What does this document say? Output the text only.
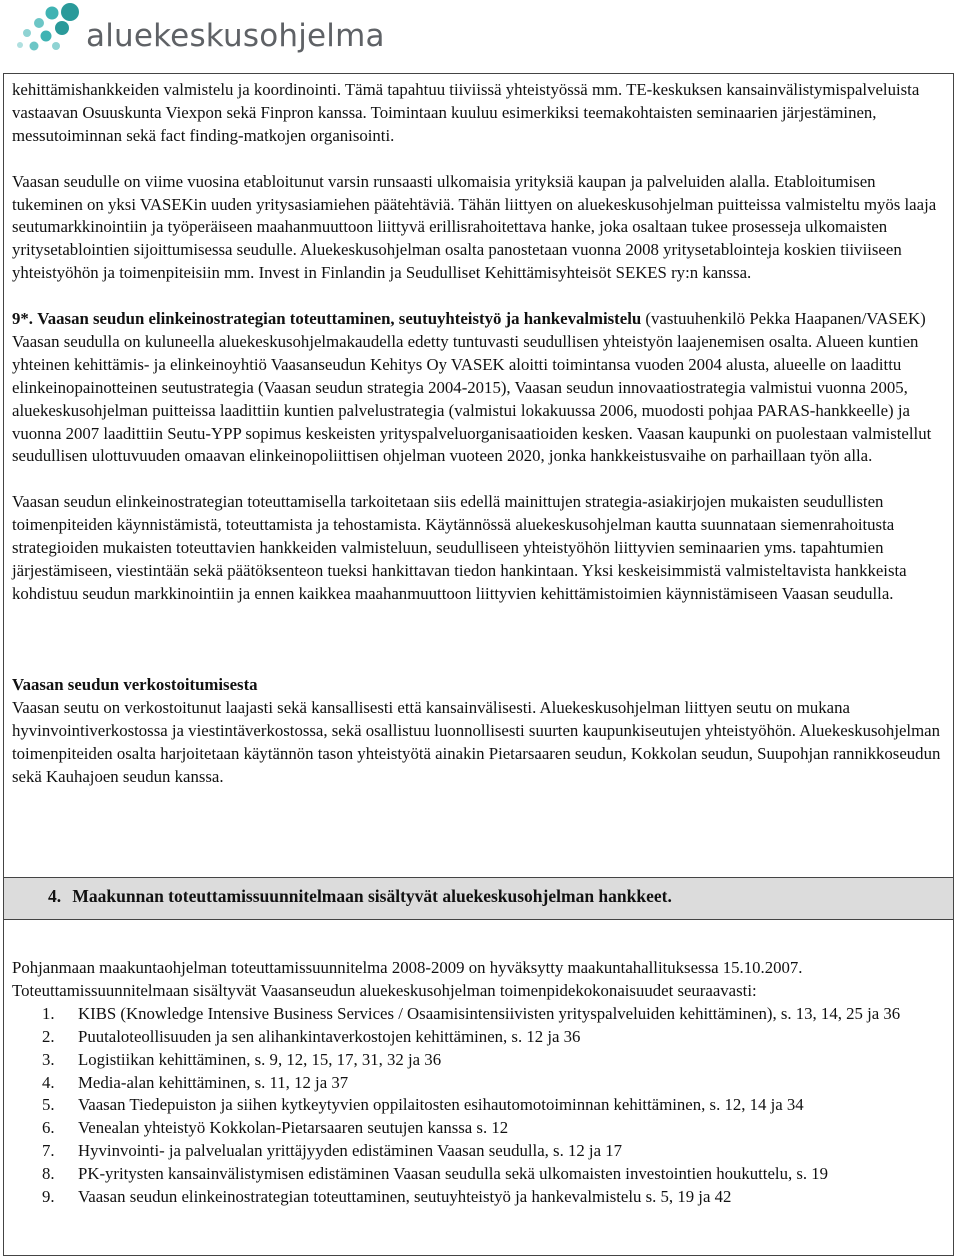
aluekeskusohjelma
4. Maakunnan toteuttamissuunnitelmaan sisältyvät aluekeskusohjelman hankkeet.

kehittämishankkeiden valmistelu ja koordinointi. Tämä tapahtuu tiiviissä yhteistyössä mm. TE-keskuksen kansainvälistymispalveluista vastaavan Osuuskunta Viexpon sekä Finpron kanssa. Toimintaan kuuluu esimerkiksi teemakohtaisten seminaarien järjestäminen, messutoiminnan sekä fact finding-matkojen organisointi.

Vaasan seudulle on viime vuosina etabloitunut varsin runsaasti ulkomaisia yrityksiä kaupan ja palveluiden alalla. Etabloitumisen tukeminen on yksi VASEKin uuden yritysasiamiehen päätehtäviä. Tähän liittyen on aluekeskusohjelman puitteissa valmisteltu myös laaja seutumarkkinointiin ja työperäiseen maahanmuuttoon liittyvä erillisrahoitettava hanke, joka osaltaan tukee prosesseja ulkomaisten yritysetablointien sijoittumisessa seudulle. Aluekeskusohjelman osalta panostetaan vuonna 2008 yritysetablointeja koskien tiiviiseen yhteistyöhön ja toimenpiteisiin mm. Invest in Finlandin ja Seudulliset Kehittämisyhteisöt SEKES ry:n kanssa.

9*. Vaasan seudun elinkeinostrategian toteuttaminen, seutuyhteistyö ja hankevalmistelu (vastuuhenkilö Pekka Haapanen/VASEK)

Vaasan seudulla on kuluneella aluekeskusohjelmakaudella edetty tuntuvasti seudullisen yhteistyön laajenemisen osalta. Alueen kuntien yhteinen kehittämis- ja elinkeinoyhtiö Vaasanseudun Kehitys Oy VASEK aloitti toimintansa vuoden 2004 alusta, alueelle on laadittu elinkeinopainotteinen seutustrategia (Vaasan seudun strategia 2004-2015), Vaasan seudun innovaatiostrategia valmistui vuonna 2005, aluekeskusohjelman puitteissa laadittiin kuntien palvelustrategia (valmistui lokakuussa 2006, muodosti pohjaa PARAS-hankkeelle) ja vuonna 2007 laadittiin Seutu-YPP sopimus keskeisten yrityspalveluorganisaatioiden kesken. Vaasan kaupunki on puolestaan valmistellut seudullisen ulottuvuuden omaavan elinkeinopoliittisen ohjelman vuoteen 2020, jonka hankkeistusvaihe on parhaillaan työn alla.

Vaasan seudun elinkeinostrategian toteuttamisella tarkoitetaan siis edellä mainittujen strategia-asiakirjojen mukaisten seudullisten toimenpiteiden käynnistämistä, toteuttamista ja tehostamista. Käytännössä aluekeskusohjelman kautta suunnataan siemenrahoitusta strategioiden mukaisten toteuttavien hankkeiden valmisteluun, seudulliseen yhteistyöhön liittyvien seminaarien yms. tapahtumien järjestämiseen, viestintään sekä päätöksenteon tueksi hankittavan tiedon hankintaan. Yksi keskeisimmistä valmisteltavista hankkeista kohdistuu seudun markkinointiin ja ennen kaikkea maahanmuuttoon liittyvien kehittämistoimien käynnistämiseen Vaasan seudulla.

Vaasan seudun verkostoitumisesta

Vaasan seutu on verkostoitunut laajasti sekä kansallisesti että kansainvälisesti. Aluekeskusohjelman liittyen seutu on mukana hyvinvointiverkostossa ja viestintäverkostossa, sekä osallistuu luonnollisesti suurten kaupunkiseutujen yhteistyöhön. Aluekeskusohjelman toimenpiteiden osalta harjoitetaan käytännön tason yhteistyötä ainakin Pietarsaaren seudun, Kokkolan seudun, Suupohjan rannikkoseudun sekä Kauhajoen seudun kanssa.

Pohjanmaan maakuntaohjelman toteuttamissuunnitelma 2008-2009 on hyväksytty maakuntahallituksessa 15.10.2007. Toteuttamissuunnitelmaan sisältyvät Vaasanseudun aluekeskusohjelman toimenpidekokonaisuudet seuraavasti:

1.	KIBS (Knowledge Intensive Business Services / Osaamisintensiivisten yrityspalveluiden kehittäminen), s. 13, 14, 25 ja 36
2.	Puutaloteollisuuden ja sen alihankintaverkostojen kehittäminen, s. 12 ja 36
3.	Logistiikan kehittäminen, s. 9, 12, 15, 17, 31, 32 ja 36
4.	Media-alan kehittäminen, s. 11, 12 ja 37
5.	Vaasan Tiedepuiston ja siihen kytkeytyvien oppilaitosten esihautomotoiminnan kehittäminen, s. 12, 14 ja 34
6.	Venealan yhteistyö Kokkolan-Pietarsaaren seutujen kanssa s. 12
7.	Hyvinvointi- ja palvelualan yrittäjyyden edistäminen Vaasan seudulla, s. 12 ja 17
8.	PK-yritysten kansainvälistymisen edistäminen Vaasan seudulla sekä ulkomaisten investointien houkuttelu, s. 19
9.	Vaasan seudun elinkeinostrategian toteuttaminen, seutuyhteistyö ja hankevalmistelu s. 5, 19 ja 42
